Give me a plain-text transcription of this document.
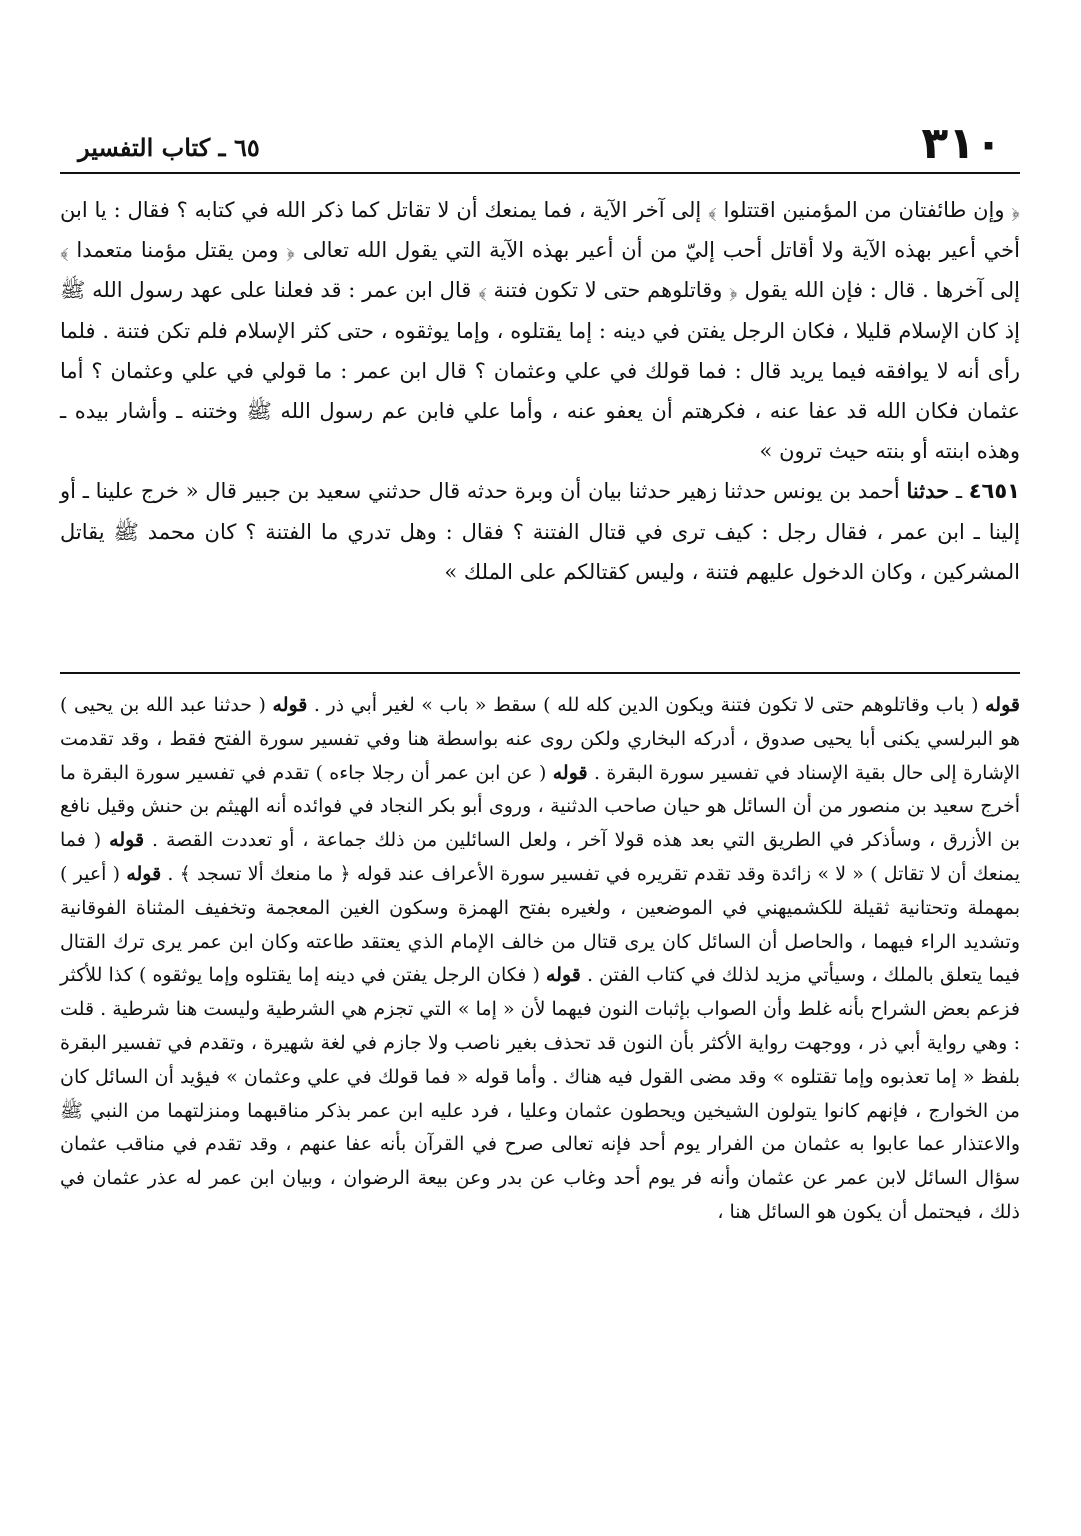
٣١٠
٦٥ ـ كتاب التفسير

﴿ وإن طائفتان من المؤمنين اقتتلوا ﴾ إلى آخر الآية ، فما يمنعك أن لا تقاتل كما ذكر الله في كتابه ؟ فقال : يا ابن أخي أعير بهذه الآية ولا أقاتل أحب إليّ من أن أعير بهذه الآية التي يقول الله تعالى ﴿ ومن يقتل مؤمنا متعمدا ﴾ إلى آخرها . قال : فإن الله يقول ﴿ وقاتلوهم حتى لا تكون فتنة ﴾ قال ابن عمر : قد فعلنا على عهد رسول الله ﷺ إذ كان الإسلام قليلا ، فكان الرجل يفتن في دينه : إما يقتلوه ، وإما يوثقوه ، حتى كثر الإسلام فلم تكن فتنة . فلما رأى أنه لا يوافقه فيما يريد قال : فما قولك في علي وعثمان ؟ قال ابن عمر : ما قولي في علي وعثمان ؟ أما عثمان فكان الله قد عفا عنه ، فكرهتم أن يعفو عنه ، وأما علي فابن عم رسول الله ﷺ وختنه ـ وأشار بيده ـ وهذه ابنته أو بنته حيث ترون »

٤٦٥١ ـ حدثنا أحمد بن يونس حدثنا زهير حدثنا بيان أن وبرة حدثه قال حدثني سعيد بن جبير قال « خرج علينا ـ أو إلينا ـ ابن عمر ، فقال رجل : كيف ترى في قتال الفتنة ؟ فقال : وهل تدري ما الفتنة ؟ كان محمد ﷺ يقاتل المشركين ، وكان الدخول عليهم فتنة ، وليس كقتالكم على الملك »

قوله ( باب وقاتلوهم حتى لا تكون فتنة ويكون الدين كله لله ) سقط « باب » لغير أبي ذر . قوله ( حدثنا عبد الله بن يحيى ) هو البرلسي يكنى أبا يحيى صدوق ، أدركه البخاري ولكن روى عنه بواسطة هنا وفي تفسير سورة الفتح فقط ، وقد تقدمت الإشارة إلى حال بقية الإسناد في تفسير سورة البقرة . قوله ( عن ابن عمر أن رجلا جاءه ) تقدم في تفسير سورة البقرة ما أخرج سعيد بن منصور من أن السائل هو حيان صاحب الدثنية ، وروى أبو بكر النجاد في فوائده أنه الهيثم بن حنش وقيل نافع بن الأزرق ، وسأذكر في الطريق التي بعد هذه قولا آخر ، ولعل السائلين من ذلك جماعة ، أو تعددت القصة . قوله ( فما يمنعك أن لا تقاتل ) « لا » زائدة وقد تقدم تقريره في تفسير سورة الأعراف عند قوله ﴿ ما منعك ألا تسجد ﴾ . قوله ( أعير ) بمهملة وتحتانية ثقيلة للكشميهني في الموضعين ، ولغيره بفتح الهمزة وسكون الغين المعجمة وتخفيف المثناة الفوقانية وتشديد الراء فيهما ، والحاصل أن السائل كان يرى قتال من خالف الإمام الذي يعتقد طاعته وكان ابن عمر يرى ترك القتال فيما يتعلق بالملك ، وسيأتي مزيد لذلك في كتاب الفتن . قوله ( فكان الرجل يفتن في دينه إما يقتلوه وإما يوثقوه ) كذا للأكثر فزعم بعض الشراح بأنه غلط وأن الصواب بإثبات النون فيهما لأن « إما » التي تجزم هي الشرطية وليست هنا شرطية . قلت : وهي رواية أبي ذر ، ووجهت رواية الأكثر بأن النون قد تحذف بغير ناصب ولا جازم في لغة شهيرة ، وتقدم في تفسير البقرة بلفظ « إما تعذبوه وإما تقتلوه » وقد مضى القول فيه هناك . وأما قوله « فما قولك في علي وعثمان » فيؤيد أن السائل كان من الخوارج ، فإنهم كانوا يتولون الشيخين ويحطون عثمان وعليا ، فرد عليه ابن عمر بذكر مناقبهما ومنزلتهما من النبي ﷺ والاعتذار عما عابوا به عثمان من الفرار يوم أحد فإنه تعالى صرح في القرآن بأنه عفا عنهم ، وقد تقدم في مناقب عثمان سؤال السائل لابن عمر عن عثمان وأنه فر يوم أحد وغاب عن بدر وعن بيعة الرضوان ، وبيان ابن عمر له عذر عثمان في ذلك ، فيحتمل أن يكون هو السائل هنا ،
